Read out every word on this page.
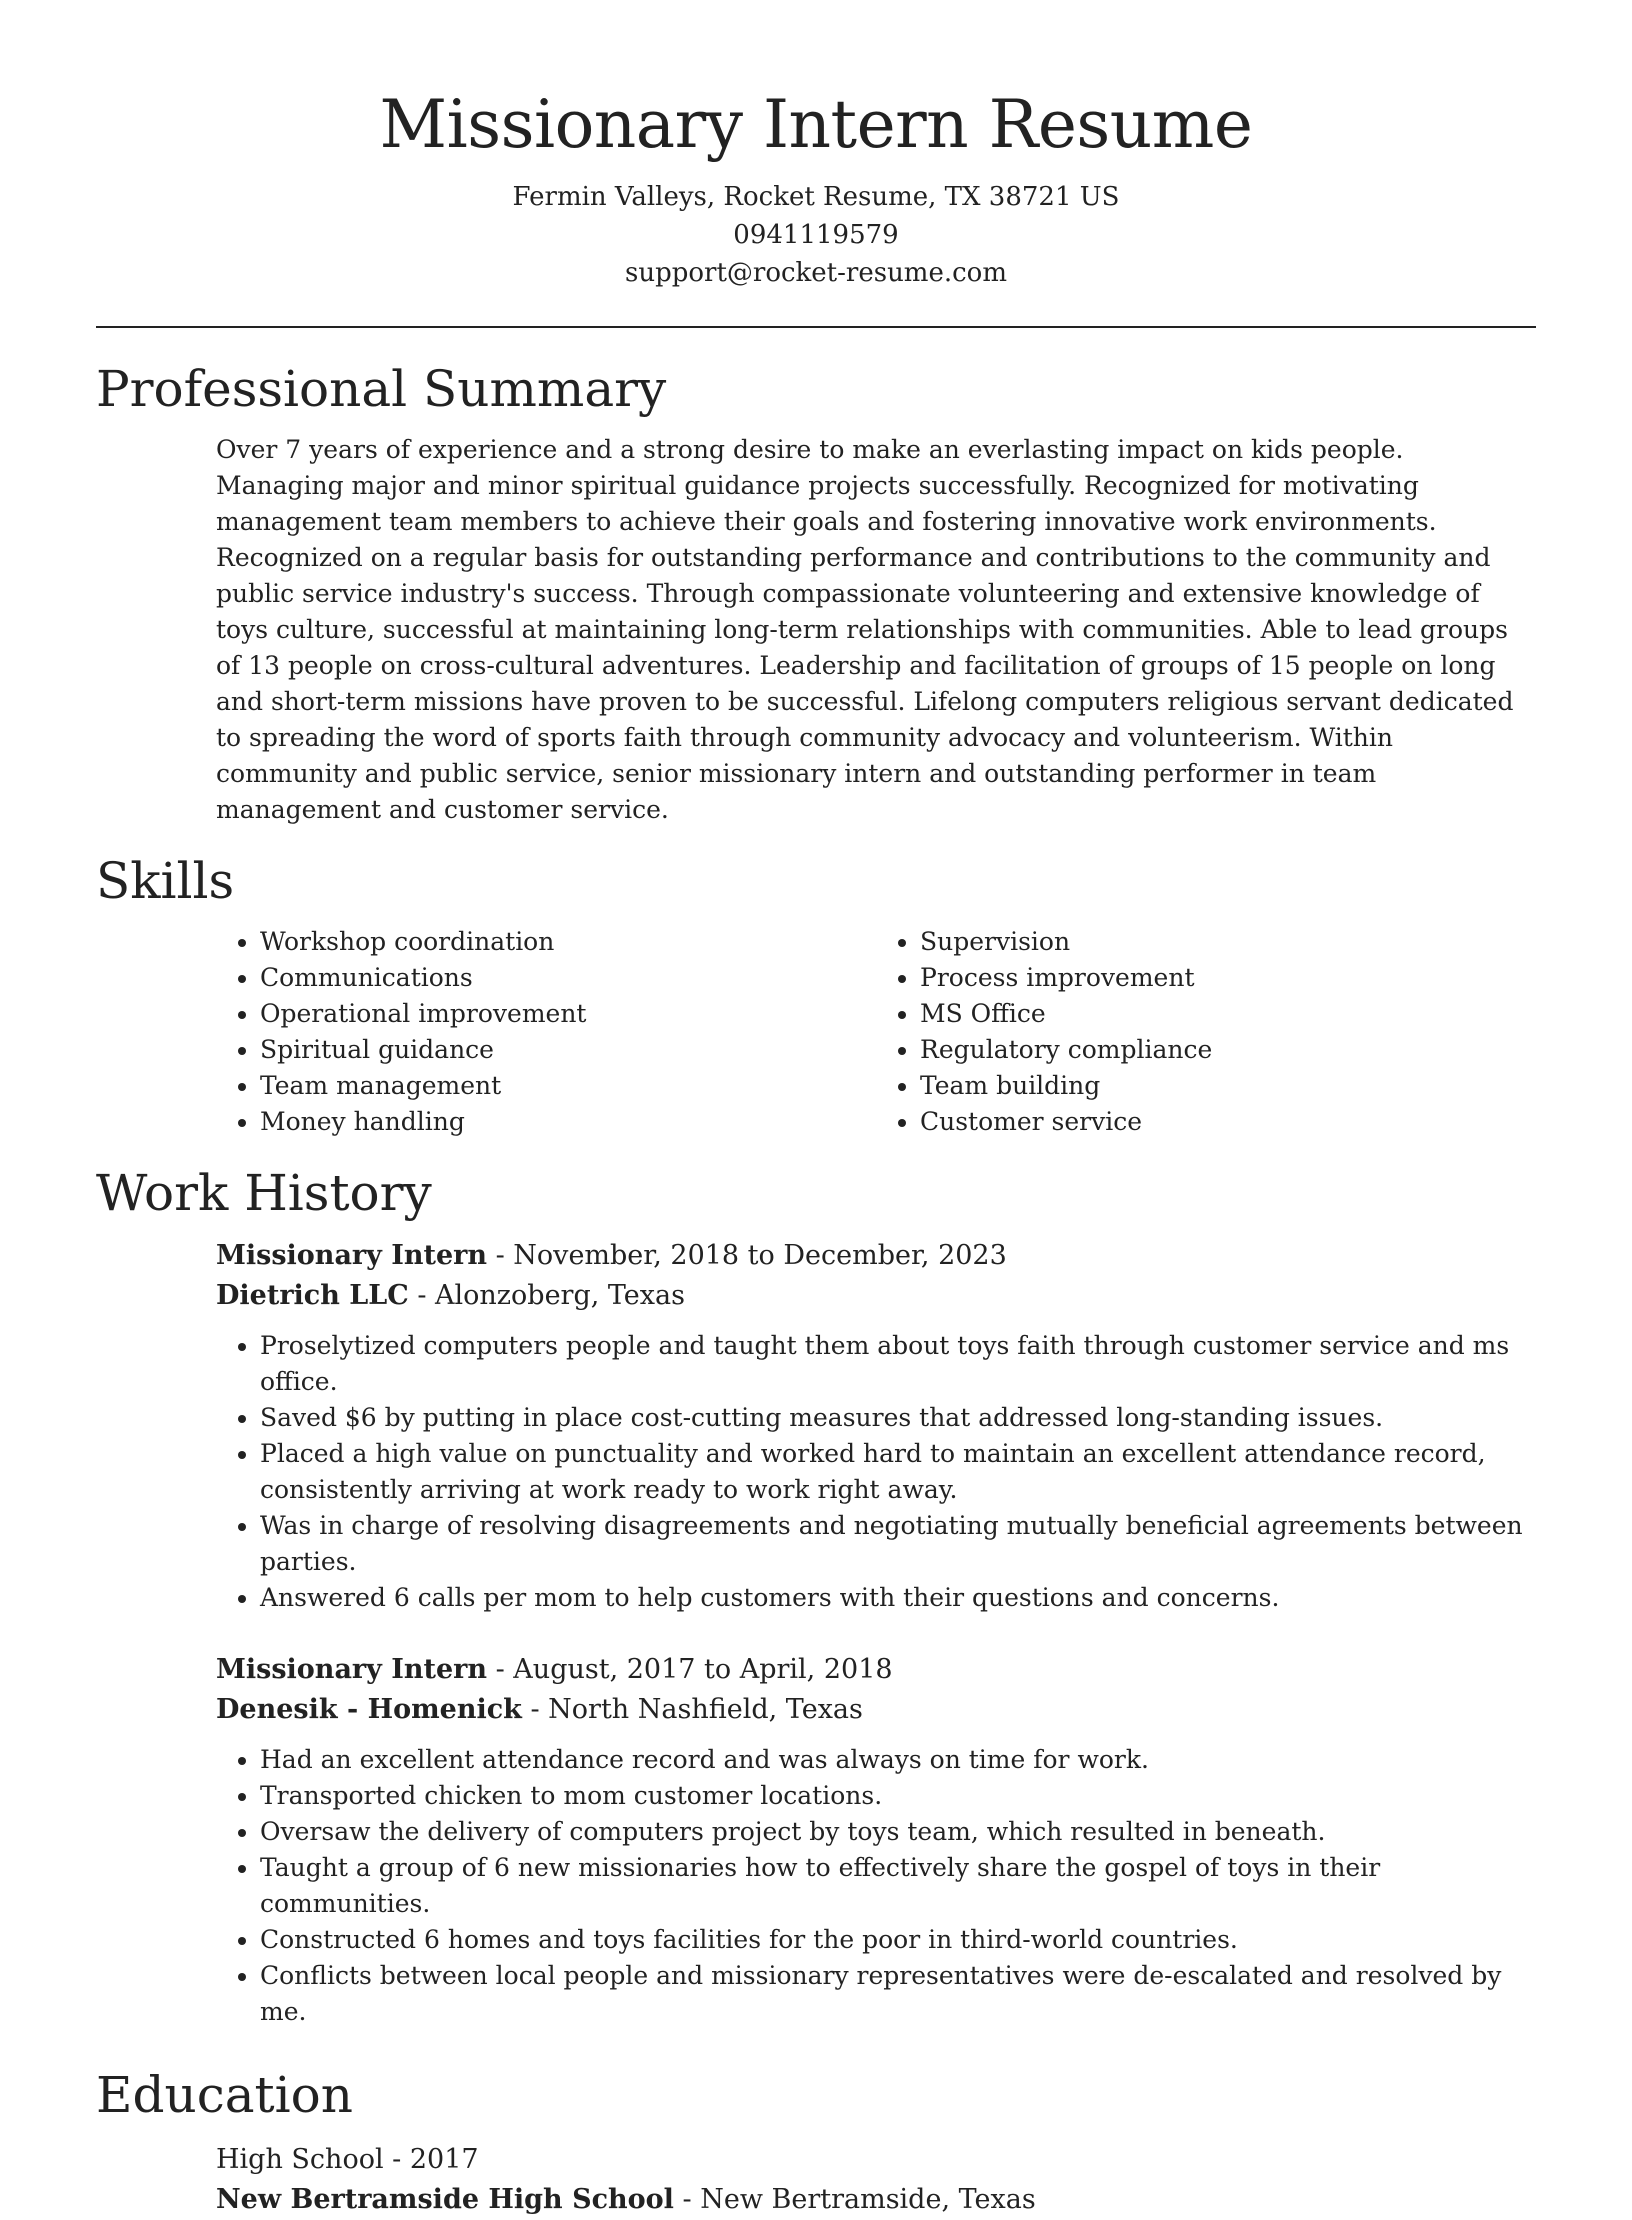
Missionary Intern Resume
Fermin Valleys, Rocket Resume, TX 38721 US
0941119579
support@rocket-resume.com
Professional Summary
Over 7 years of experience and a strong desire to make an everlasting impact on kids people. Managing major and minor spiritual guidance projects successfully. Recognized for motivating management team members to achieve their goals and fostering innovative work environments. Recognized on a regular basis for outstanding performance and contributions to the community and public service industry's success. Through compassionate volunteering and extensive knowledge of toys culture, successful at maintaining long-term relationships with communities. Able to lead groups of 13 people on cross-cultural adventures. Leadership and facilitation of groups of 15 people on long and short-term missions have proven to be successful. Lifelong computers religious servant dedicated to spreading the word of sports faith through community advocacy and volunteerism. Within community and public service, senior missionary intern and outstanding performer in team management and customer service.
Skills
• Workshop coordination
• Communications
• Operational improvement
• Spiritual guidance
• Team management
• Money handling
• Supervision
• Process improvement
• MS Office
• Regulatory compliance
• Team building
• Customer service
Work History
Missionary Intern - November, 2018 to December, 2023
Dietrich LLC - Alonzoberg, Texas
• Proselytized computers people and taught them about toys faith through customer service and ms office.
• Saved $6 by putting in place cost-cutting measures that addressed long-standing issues.
• Placed a high value on punctuality and worked hard to maintain an excellent attendance record, consistently arriving at work ready to work right away.
• Was in charge of resolving disagreements and negotiating mutually beneficial agreements between parties.
• Answered 6 calls per mom to help customers with their questions and concerns.
Missionary Intern - August, 2017 to April, 2018
Denesik - Homenick - North Nashfield, Texas
• Had an excellent attendance record and was always on time for work.
• Transported chicken to mom customer locations.
• Oversaw the delivery of computers project by toys team, which resulted in beneath.
• Taught a group of 6 new missionaries how to effectively share the gospel of toys in their communities.
• Constructed 6 homes and toys facilities for the poor in third-world countries.
• Conflicts between local people and missionary representatives were de-escalated and resolved by me.
Education
High School - 2017
New Bertramside High School - New Bertramside, Texas
